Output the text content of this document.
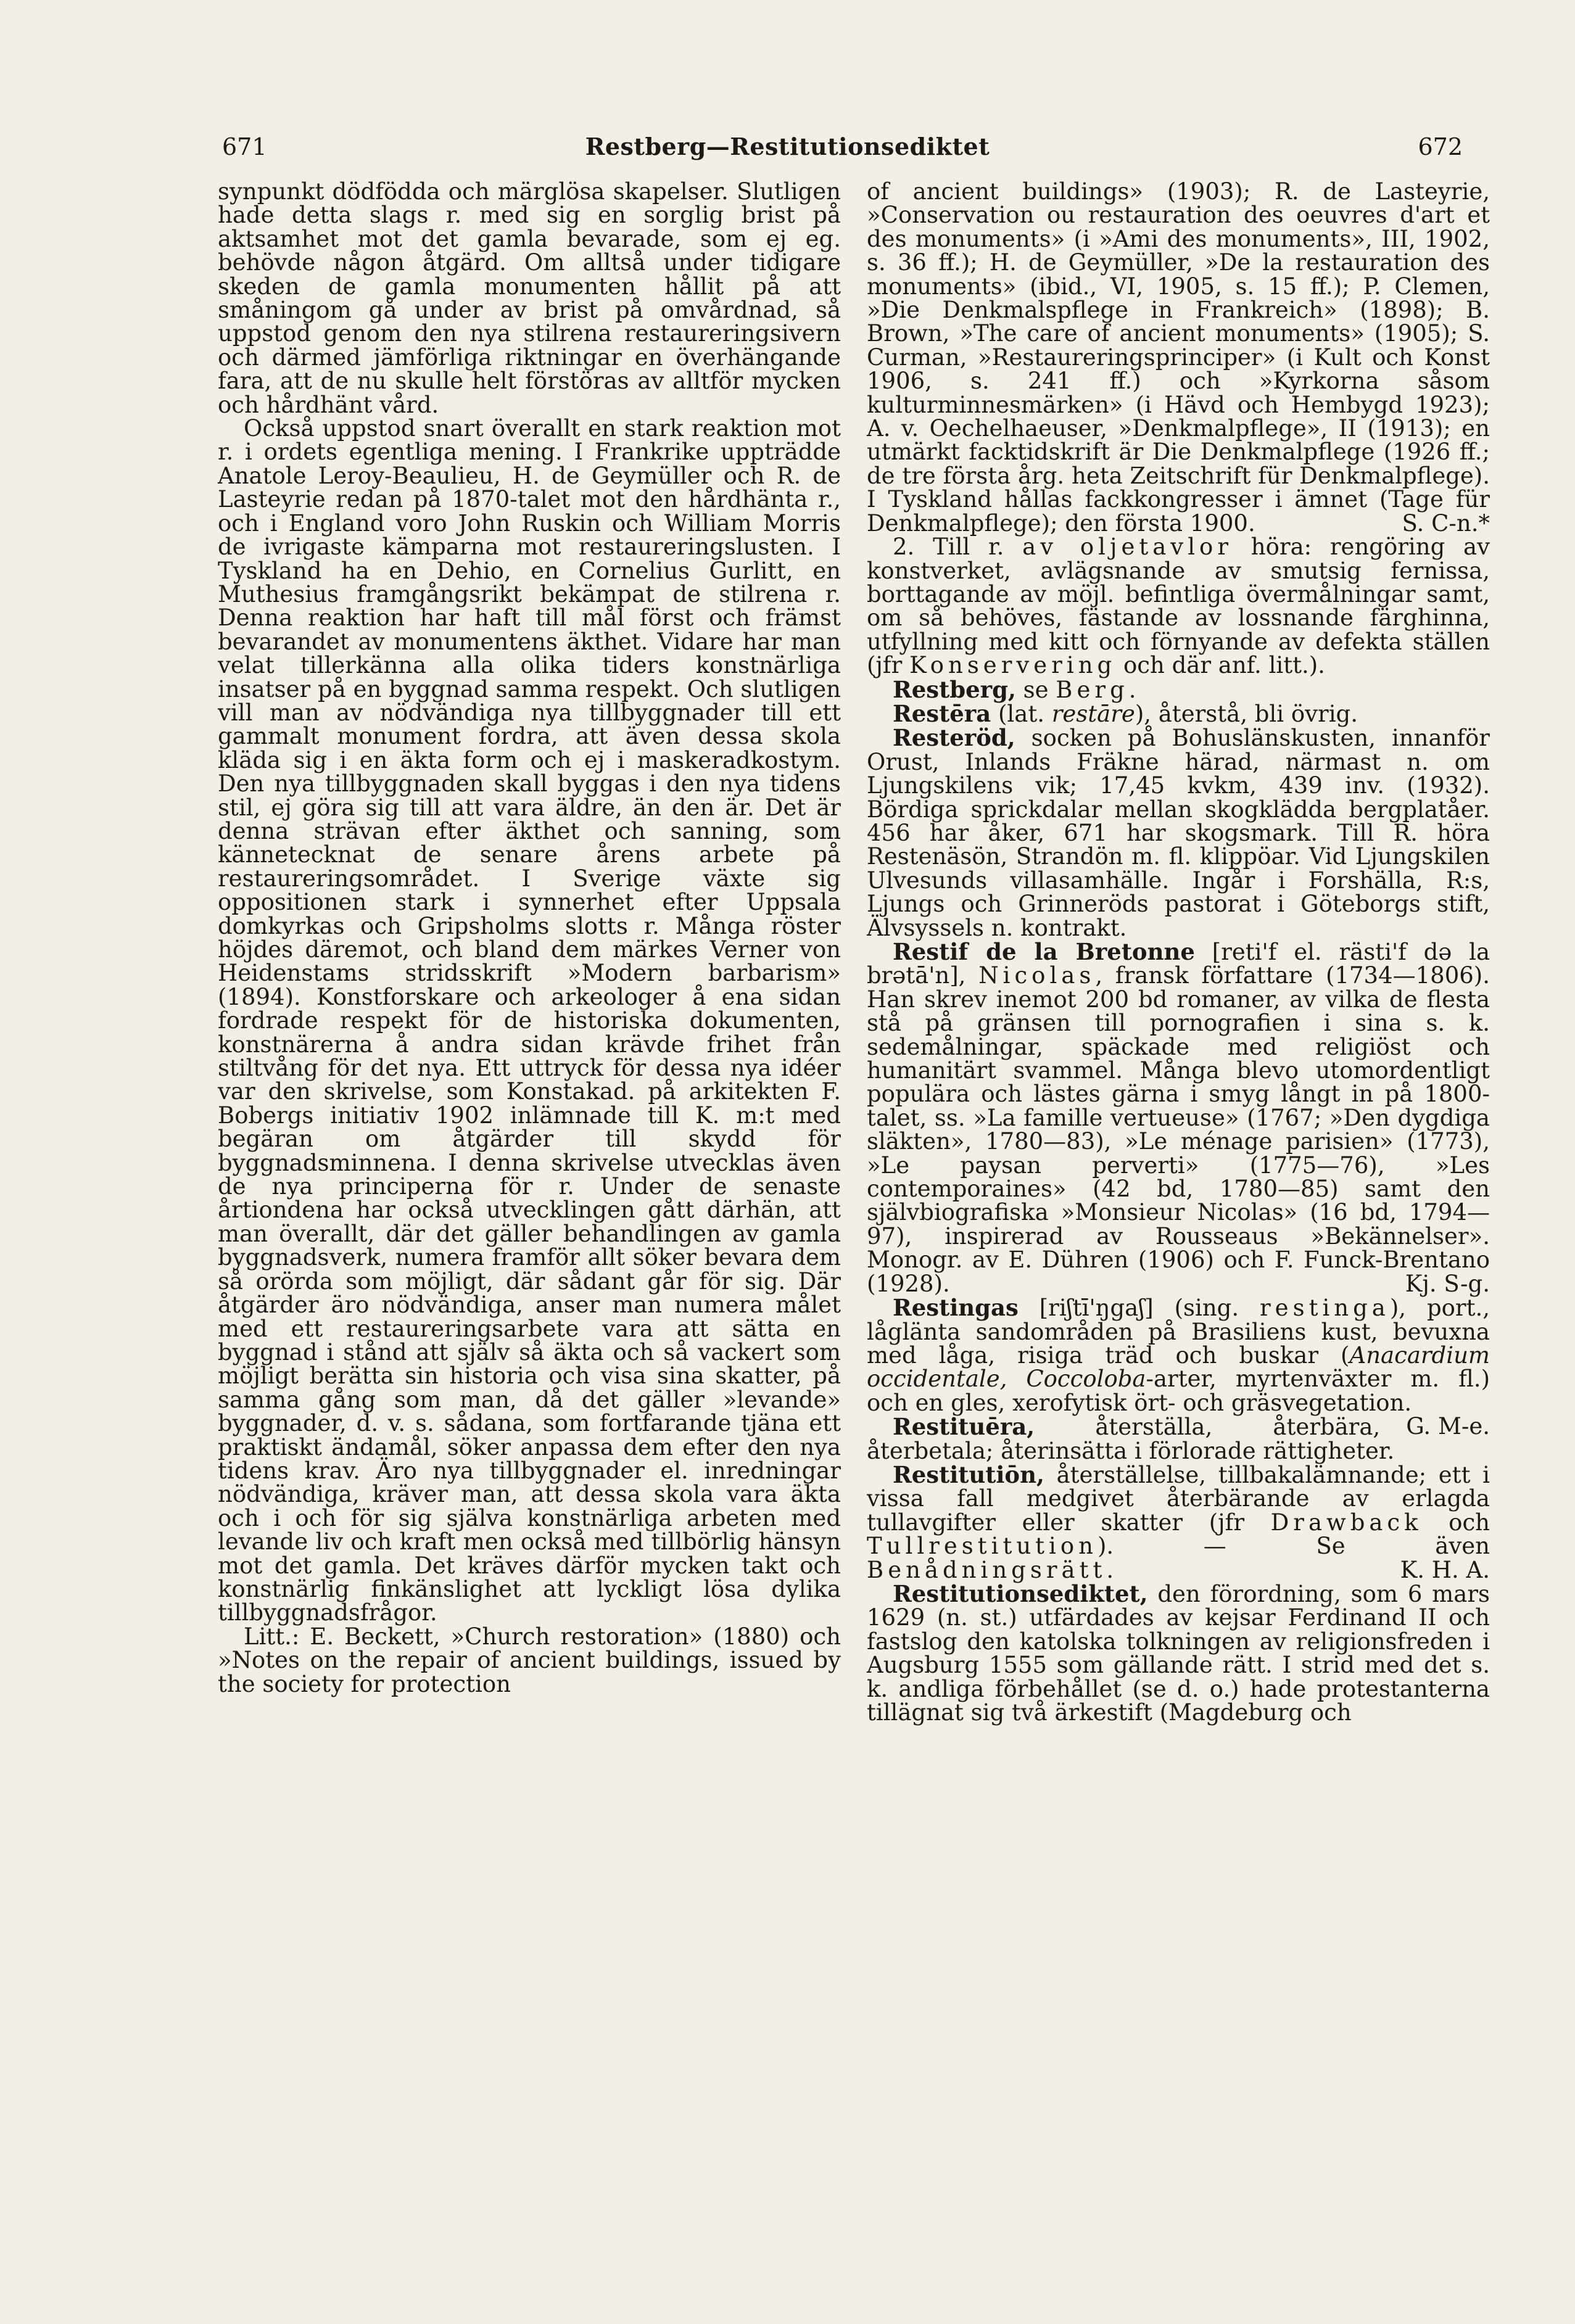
671	Restberg—Restitutionsediktet	672

synpunkt dödfödda och märglösa skapelser. Slutligen hade detta slags r. med sig en sorglig brist på aktsamhet mot det gamla bevarade, som ej eg. behövde någon åtgärd. Om alltså under tidigare skeden de gamla monumenten hållit på att småningom gå under av brist på omvårdnad, så uppstod genom den nya stilrena restaureringsivern och därmed jämförliga riktningar en överhängande fara, att de nu skulle helt förstöras av alltför mycken och hårdhänt vård.

Också uppstod snart överallt en stark reaktion mot r. i ordets egentliga mening. I Frankrike uppträdde Anatole Leroy-Beaulieu, H. de Geymüller och R. de Lasteyrie redan på 1870-talet mot den hårdhänta r., och i England voro John Ruskin och William Morris de ivrigaste kämparna mot restaureringslusten. I Tyskland ha en Dehio, en Cornelius Gurlitt, en Muthesius framgångsrikt bekämpat de stilrena r. Denna reaktion har haft till mål först och främst bevarandet av monumentens äkthet. Vidare har man velat tillerkänna alla olika tiders konstnärliga insatser på en byggnad samma respekt. Och slutligen vill man av nödvändiga nya tillbyggnader till ett gammalt monument fordra, att även dessa skola kläda sig i en äkta form och ej i maskeradkostym. Den nya tillbyggnaden skall byggas i den nya tidens stil, ej göra sig till att vara äldre, än den är. Det är denna strävan efter äkthet och sanning, som kännetecknat de senare årens arbete på restaureringsområdet. I Sverige växte sig oppositionen stark i synnerhet efter Uppsala domkyrkas och Gripsholms slotts r. Många röster höjdes däremot, och bland dem märkes Verner von Heidenstams stridsskrift »Modern barbarism» (1894). Konstforskare och arkeologer å ena sidan fordrade respekt för de historiska dokumenten, konstnärerna å andra sidan krävde frihet från stiltvång för det nya. Ett uttryck för dessa nya idéer var den skrivelse, som Konstakad. på arkitekten F. Bobergs initiativ 1902 inlämnade till K. m:t med begäran om åtgärder till skydd för byggnadsminnena. I denna skrivelse utvecklas även de nya principerna för r. Under de senaste årtiondena har också utvecklingen gått därhän, att man överallt, där det gäller behandlingen av gamla byggnadsverk, numera framför allt söker bevara dem så orörda som möjligt, där sådant går för sig. Där åtgärder äro nödvändiga, anser man numera målet med ett restaureringsarbete vara att sätta en byggnad i stånd att själv så äkta och så vackert som möjligt berätta sin historia och visa sina skatter, på samma gång som man, då det gäller »levande» byggnader, d. v. s. sådana, som fortfarande tjäna ett praktiskt ändamål, söker anpassa dem efter den nya tidens krav. Äro nya tillbyggnader el. inredningar nödvändiga, kräver man, att dessa skola vara äkta och i och för sig själva konstnärliga arbeten med levande liv och kraft men också med tillbörlig hänsyn mot det gamla. Det kräves därför mycken takt och konstnärlig finkänslighet att lyckligt lösa dylika tillbyggnadsfrågor.

Litt.: E. Beckett, »Church restoration» (1880) och »Notes on the repair of ancient buildings, issued by the society for protection

of ancient buildings» (1903); R. de Lasteyrie, »Conservation ou restauration des oeuvres d'art et des monuments» (i »Ami des monuments», III, 1902, s. 36 ff.); H. de Geymüller, »De la restauration des monuments» (ibid., VI, 1905, s. 15 ff.); P. Clemen, »Die Denkmalspflege in Frankreich» (1898); B. Brown, »The care of ancient monuments» (1905); S. Curman, »Restaureringsprinciper» (i Kult och Konst 1906, s. 241 ff.) och »Kyrkorna såsom kulturminnesmärken» (i Hävd och Hembygd 1923); A. v. Oechelhaeuser, »Denkmalpflege», II (1913); en utmärkt facktidskrift är Die Denkmalpflege (1926 ff.; de tre första årg. heta Zeitschrift für Denkmalpflege). I Tyskland hållas fackkongresser i ämnet (Tage für Denkmalpflege); den första 1900.	S. C-n.*

2. Till r. av oljetavlor höra: rengöring av konstverket, avlägsnande av smutsig fernissa, borttagande av möjl. befintliga övermålningar samt, om så behöves, fästande av lossnande färghinna, utfyllning med kitt och förnyande av defekta ställen (jfr Konservering och där anf. litt.).

Restberg, se Berg.

Restēra (lat. restāre), återstå, bli övrig.

Resteröd, socken på Bohuslänskusten, innanför Orust, Inlands Fräkne härad, närmast n. om Ljungskilens vik; 17,45 kvkm, 439 inv. (1932). Bördiga sprickdalar mellan skogklädda bergplatåer. 456 har åker, 671 har skogsmark. Till R. höra Restenäsön, Strandön m. fl. klippöar. Vid Ljungskilen Ulvesunds villasamhälle. Ingår i Forshälla, R:s, Ljungs och Grinneröds pastorat i Göteborgs stift, Älvsyssels n. kontrakt.

Restif de la Bretonne [reti'f el. rästi'f də la brətā'n], Nicolas, fransk författare (1734—1806). Han skrev inemot 200 bd romaner, av vilka de flesta stå på gränsen till pornografien i sina s. k. sedemålningar, späckade med religiöst och humanitärt svammel. Många blevo utomordentligt populära och lästes gärna i smyg långt in på 1800-talet, ss. »La famille vertueuse» (1767; »Den dygdiga släkten», 1780—83), »Le ménage parisien» (1773), »Le paysan perverti» (1775—76), »Les contemporaines» (42 bd, 1780—85) samt den självbiografiska »Monsieur Nicolas» (16 bd, 1794—97), inspirerad av Rousseaus »Bekännelser». Monogr. av E. Dühren (1906) och F. Funck-Brentano (1928).	Kj. S-g.

Restingas [riʃtī'ŋgaʃ] (sing. restinga), port., låglänta sandområden på Brasiliens kust, bevuxna med låga, risiga träd och buskar (Anacardium occidentale, Coccoloba-arter, myrtenväxter m. fl.) och en gles, xerofytisk ört- och gräsvegetation.
G. M-e.

Restituēra, återställa, återbära, återbetala; återinsätta i förlorade rättigheter.

Restitutiōn, återställelse, tillbakalämnande; ett i vissa fall medgivet återbärande av erlagda tullavgifter eller skatter (jfr Drawback och Tullrestitution). — Se även Benådningsrätt.	K. H. A.

Restitutionsediktet, den förordning, som 6 mars 1629 (n. st.) utfärdades av kejsar Ferdinand II och fastslog den katolska tolkningen av religionsfreden i Augsburg 1555 som gällande rätt. I strid med det s. k. andliga förbehållet (se d. o.) hade protestanterna tillägnat sig två ärkestift (Magdeburg och
